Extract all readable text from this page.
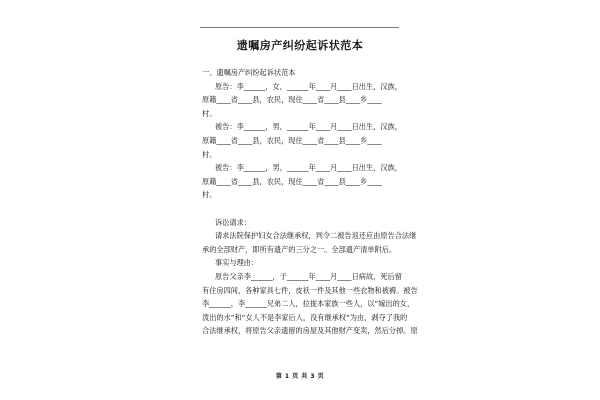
遗嘱房产纠纷起诉状范本
一、遗嘱房产纠纷起诉状范本
原告：李______，女，______年____月____日出生，汉族，
原籍____省____县，农民，现住____省____县____乡____
村。
被告：李______，男，______年____月____日出生，汉族，
原籍____省____县，农民，现住____省____县____乡____
村。
被告：李______，男，______年____月____日出生，汉族，
原籍____省____县，农民，现住____省____县____乡____
村。
诉讼请求：
请求法院保护妇女合法继承权，判令二被告返还应由原告合法继
承的全部财产，即所有遗产的三分之一。全部遗产清单附后。
事实与理由：
原告父亲李______，于______年____月____日病故，死后留
有住房四间，各种家具七件，皮袄一件及其他一些衣物和被褥。被告
李______，李______兄弟二人，拉拢本家族一些人，以“嫁出的女，
泼出的水”和“女人不是李家后人，没有继承权”为由，剥夺了我的
合法继承权，将原告父亲遗留的房屋及其他财产变卖，然后分掉。原
第 1 页 共 3 页
